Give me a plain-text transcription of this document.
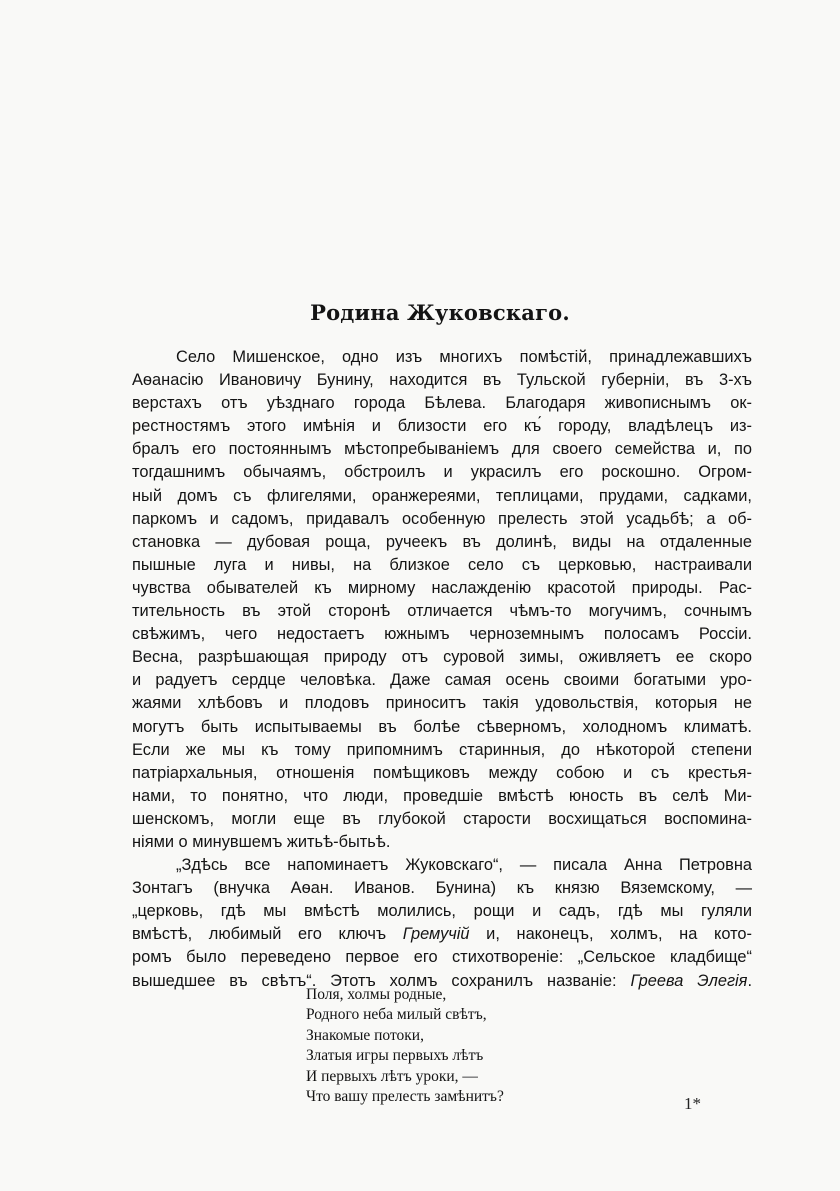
Родина Жуковскаго.
Село Мишенское, одно изъ многихъ помѣстій, принадлежавшихъ
Аѳанасію Ивановичу Бунину, находится въ Тульской губерніи, въ 3-хъ
верстахъ отъ уѣзднаго города Бѣлева. Благодаря живописнымъ ок-
рестностямъ этого имѣнія и близости его къ́ городу, владѣлецъ из-
бралъ его постояннымъ мѣстопребываніемъ для своего семейства и, по
тогдашнимъ обычаямъ, обстроилъ и украсилъ его роскошно. Огром-
ный домъ съ флигелями, оранжереями, теплицами, прудами, садками,
паркомъ и садомъ, придавалъ особенную прелесть этой усадьбѣ; а об-
становка — дубовая роща, ручеекъ въ долинѣ, виды на отдаленные
пышные луга и нивы, на близкое село съ церковью, настраивали
чувства обывателей къ мирному наслажденію красотой природы. Рас-
тительность въ этой сторонѣ отличается чѣмъ-то могучимъ, сочнымъ
свѣжимъ, чего недостаетъ южнымъ черноземнымъ полосамъ Россіи.
Весна, разрѣшающая природу отъ суровой зимы, оживляетъ ее скоро
и радуетъ сердце человѣка. Даже самая осень своими богатыми уро-
жаями хлѣбовъ и плодовъ приноситъ такія удовольствія, которыя не
могутъ быть испытываемы въ болѣе сѣверномъ, холодномъ климатѣ.
Если же мы къ тому припомнимъ старинныя, до нѣкоторой степени
патріархальныя, отношенія помѣщиковъ между собою и съ крестья-
нами, то понятно, что люди, проведшіе вмѣстѣ юность въ селѣ Ми-
шенскомъ, могли еще въ глубокой старости восхищаться воспомина-
ніями о минувшемъ житьѣ-бытьѣ.
„Здѣсь все напоминаетъ Жуковскаго“, — писала Анна Петровна
Зонтагъ (внучка Аѳан. Иванов. Бунина) къ князю Вяземскому, —
„церковь, гдѣ мы вмѣстѣ молились, рощи и садъ, гдѣ мы гуляли
вмѣстѣ, любимый его ключъ Гремучій и, наконецъ, холмъ, на кото-
ромъ было переведено первое его стихотвореніе: „Сельское кладбище“
вышедшее въ свѣтъ“. Этотъ холмъ сохранилъ названіе: Греева Элегія.
Поля, холмы родные,
Родного неба милый свѣтъ,
Знакомые потоки,
Златыя игры первыхъ лѣтъ
И первыхъ лѣтъ уроки, —
Что вашу прелесть замѣнитъ?	1*
